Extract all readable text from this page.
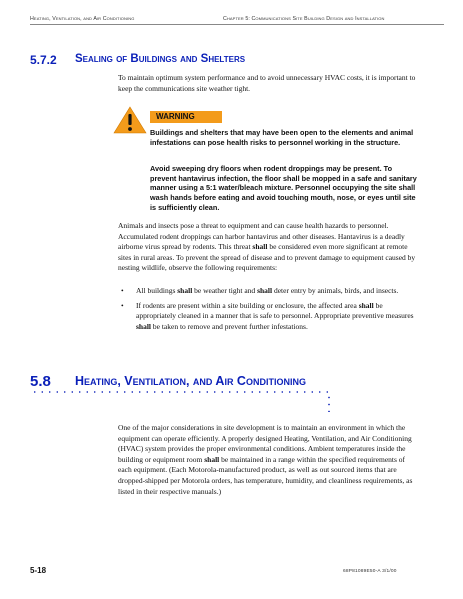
Heating, Ventilation, and Air Conditioning	Chapter 5: Communications Site Building Design and Installation
5.7.2 Sealing of Buildings and Shelters

To maintain optimum system performance and to avoid unnecessary HVAC costs, it is important to keep the communications site weather tight.

WARNING

Buildings and shelters that may have been open to the elements and animal infestations can pose health risks to personnel working in the structure.

Avoid sweeping dry floors when rodent droppings may be present. To prevent hantavirus infection, the floor shall be mopped in a safe and sanitary manner using a 5:1 water/bleach mixture. Personnel occupying the site shall wash hands before eating and avoid touching mouth, nose, or eyes until site is sufficiently clean.

Animals and insects pose a threat to equipment and can cause health hazards to personnel. Accumulated rodent droppings can harbor hantavirus and other diseases. Hantavirus is a deadly airborne virus spread by rodents. This threat shall be considered even more significant at remote sites in rural areas. To prevent the spread of disease and to prevent damage to equipment caused by nesting wildlife, observe the following requirements:

• All buildings shall be weather tight and shall deter entry by animals, birds, and insects.
• If rodents are present within a site building or enclosure, the affected area shall be appropriately cleaned in a manner that is safe to personnel. Appropriate preventive measures shall be taken to remove and prevent further infestations.
5.8 Heating, Ventilation, and Air Conditioning

One of the major considerations in site development is to maintain an environment in which the equipment can operate efficiently. A properly designed Heating, Ventilation, and Air Conditioning (HVAC) system provides the proper environmental conditions. Ambient temperatures inside the building or equipment room shall be maintained in a range within the specified requirements of each equipment. (Each Motorola-manufactured product, as well as out sourced items that are dropped-shipped per Motorola orders, has temperature, humidity, and cleanliness requirements, as listed in their respective manuals.)

5-18	68P81089E50-A 3/1/00
